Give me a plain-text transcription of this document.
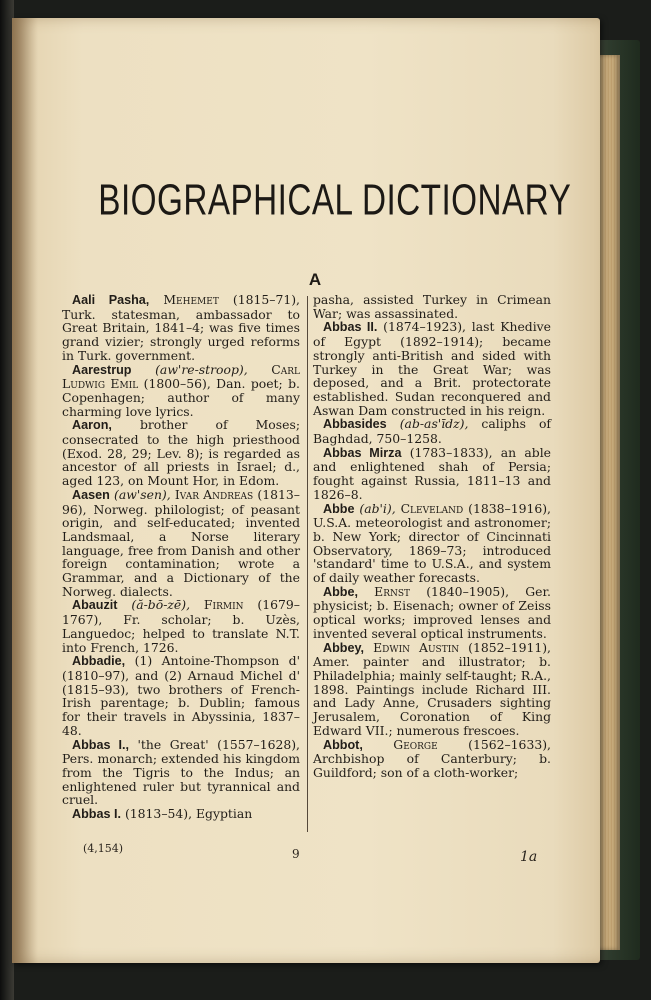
BIOGRAPHICAL DICTIONARY
A
Aali Pasha, Mehemet (1815–71), Turk. statesman, ambassador to Great Britain, 1841–4; was five times grand vizier; strongly urged reforms in Turk. government.
Aarestrup (aw're-stroop), Carl Ludwig Emil (1800–56), Dan. poet; b. Copenhagen; author of many charming love lyrics.
Aaron, brother of Moses; consecrated to the high priesthood (Exod. 28, 29; Lev. 8); is regarded as ancestor of all priests in Israel; d., aged 123, on Mount Hor, in Edom.
Aasen (aw'sen), Ivar Andreas (1813–96), Norweg. philologist; of peasant origin, and self-educated; invented Landsmaal, a Norse literary language, free from Danish and other foreign contamination; wrote a Grammar, and a Dictionary of the Norweg. dialects.
Abauzit (ă-bō-zē), Firmin (1679–1767), Fr. scholar; b. Uzès, Languedoc; helped to translate N.T. into French, 1726.
Abbadie, (1) Antoine-Thompson d' (1810–97), and (2) Arnaud Michel d' (1815–93), two brothers of French-Irish parentage; b. Dublin; famous for their travels in Abyssinia, 1837–48.
Abbas I., 'the Great' (1557–1628), Pers. monarch; extended his kingdom from the Tigris to the Indus; an enlightened ruler but tyrannical and cruel.
Abbas I. (1813–54), Egyptian
pasha, assisted Turkey in Crimean War; was assassinated.
Abbas II. (1874–1923), last Khedive of Egypt (1892–1914); became strongly anti-British and sided with Turkey in the Great War; was deposed, and a Brit. protectorate established. Sudan reconquered and Aswan Dam constructed in his reign.
Abbasides (ab-as'īdz), caliphs of Baghdad, 750–1258.
Abbas Mirza (1783–1833), an able and enlightened shah of Persia; fought against Russia, 1811–13 and 1826–8.
Abbe (ab'i), Cleveland (1838–1916), U.S.A. meteorologist and astronomer; b. New York; director of Cincinnati Observatory, 1869–73; introduced 'standard' time to U.S.A., and system of daily weather forecasts.
Abbe, Ernst (1840–1905), Ger. physicist; b. Eisenach; owner of Zeiss optical works; improved lenses and invented several optical instruments.
Abbey, Edwin Austin (1852–1911), Amer. painter and illustrator; b. Philadelphia; mainly self-taught; R.A., 1898. Paintings include Richard III. and Lady Anne, Crusaders sighting Jerusalem, Coronation of King Edward VII.; numerous frescoes.
Abbot, George (1562–1633), Archbishop of Canterbury; b. Guildford; son of a cloth-worker;
(4,154)	9	1a
